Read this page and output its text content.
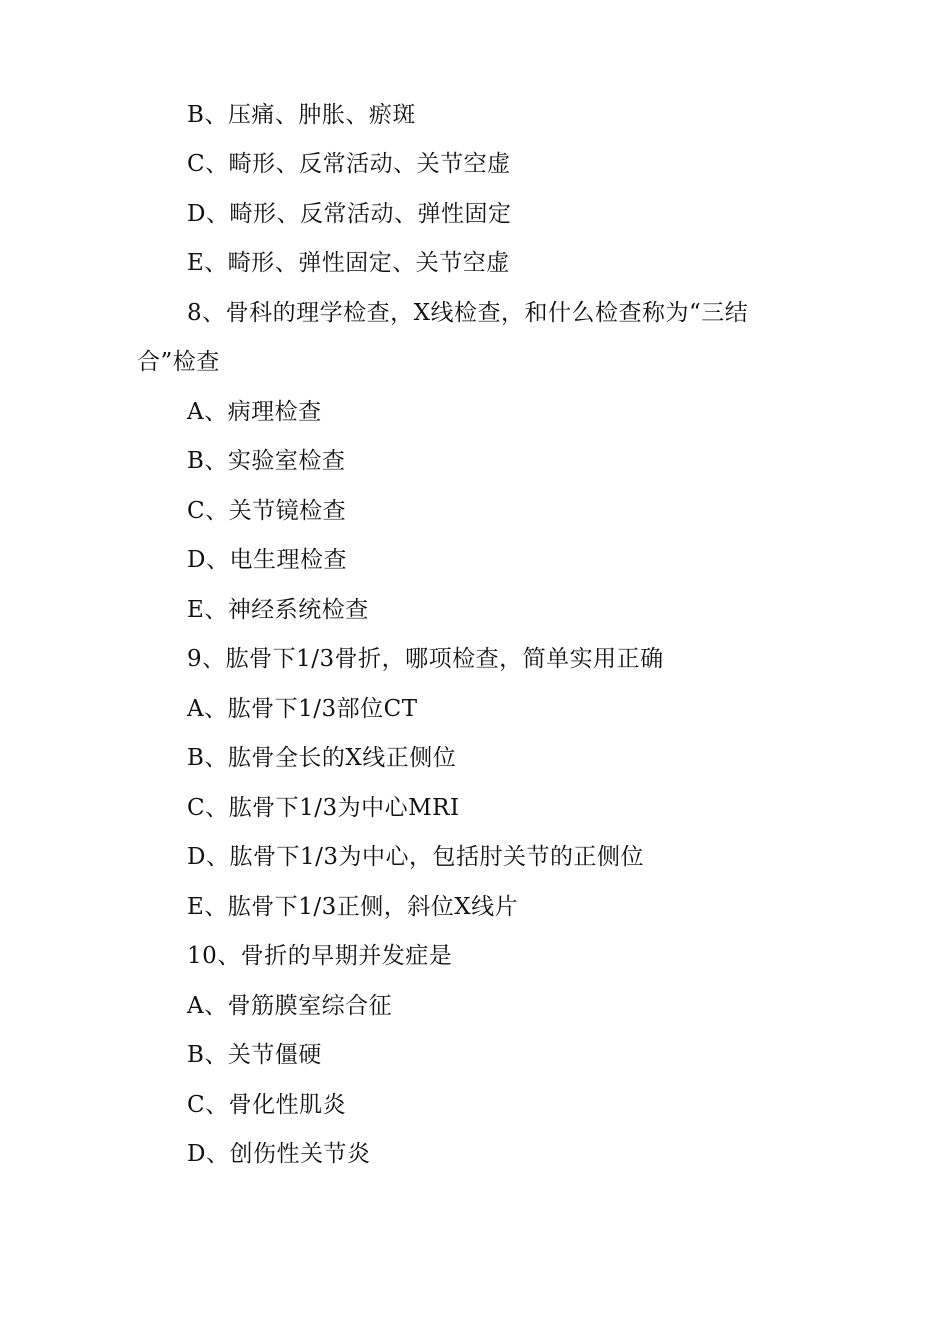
B、压痛、肿胀、瘀斑
C、畸形、反常活动、关节空虚
D、畸形、反常活动、弹性固定
E、畸形、弹性固定、关节空虚
8、骨科的理学检查，X线检查，和什么检查称为“三结
合”检查
A、病理检查
B、实验室检查
C、关节镜检查
D、电生理检查
E、神经系统检查
9、肱骨下1/3骨折，哪项检查，简单实用正确
A、肱骨下1/3部位CT
B、肱骨全长的X线正侧位
C、肱骨下1/3为中心MRI
D、肱骨下1/3为中心，包括肘关节的正侧位
E、肱骨下1/3正侧，斜位X线片
10、骨折的早期并发症是
A、骨筋膜室综合征
B、关节僵硬
C、骨化性肌炎
D、创伤性关节炎
